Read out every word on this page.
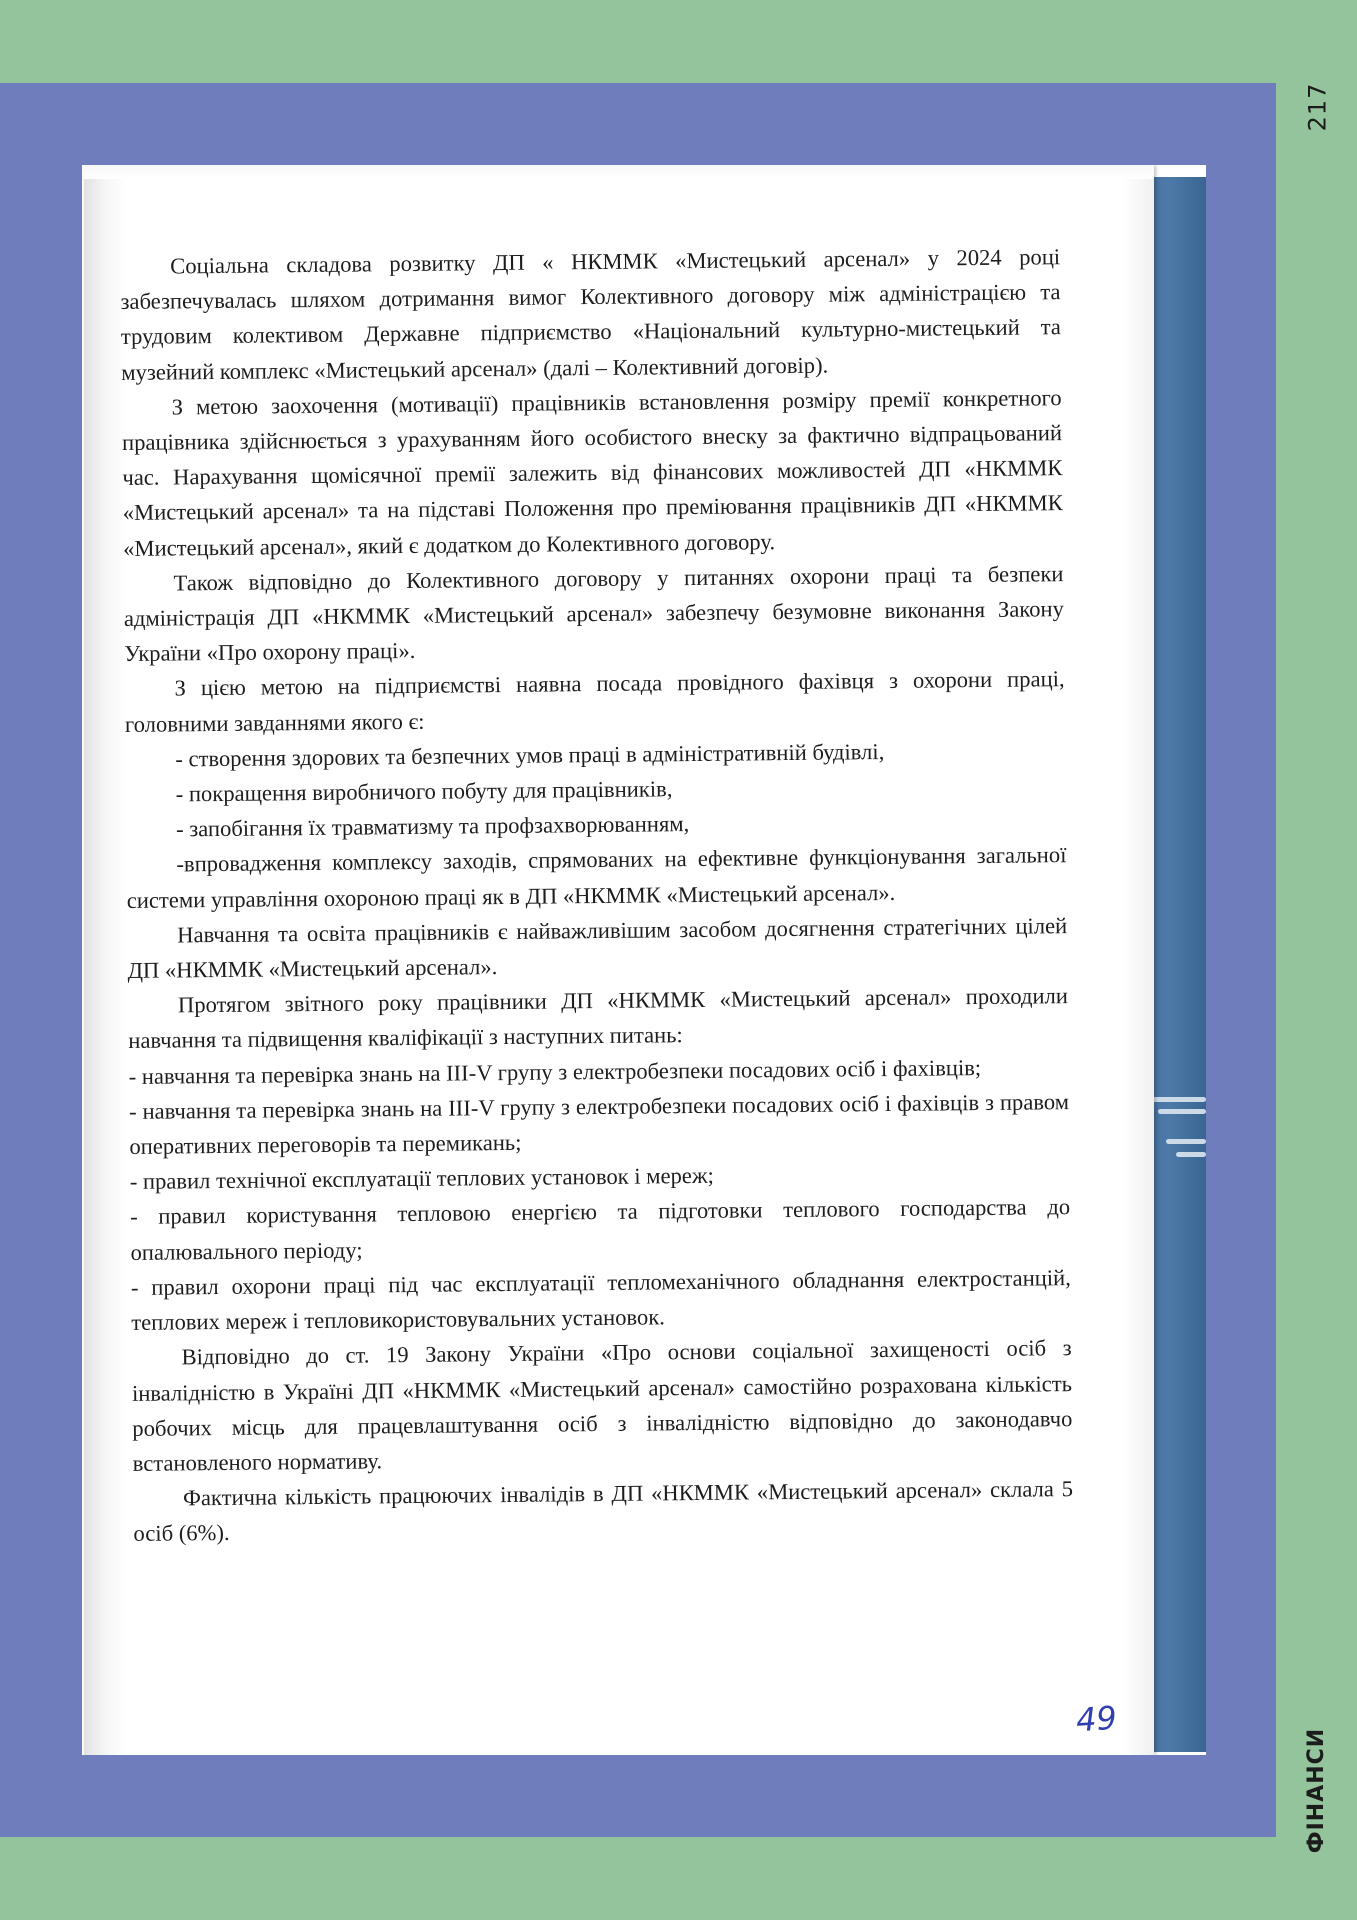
217
ФІНАНСИ

Соціальна складова розвитку ДП « НКММК «Мистецький арсенал» у 2024 році забезпечувалась шляхом дотримання вимог Колективного договору між адміністрацією та трудовим колективом Державне підприємство «Національний культурно-мистецький та музейний комплекс «Мистецький арсенал» (далі – Колективний договір).

З метою заохочення (мотивації) працівників встановлення розміру премії конкретного працівника здійснюється з урахуванням його особистого внеску за фактично відпрацьований час. Нарахування щомісячної премії залежить від фінансових можливостей ДП «НКММК «Мистецький арсенал» та на підставі Положення про преміювання працівників ДП «НКММК «Мистецький арсенал», який є додатком до Колективного договору.

Також відповідно до Колективного договору у питаннях охорони праці та безпеки адміністрація ДП «НКММК «Мистецький арсенал» забезпечу безумовне виконання Закону України «Про охорону праці».

З цією метою на підприємстві наявна посада провідного фахівця з охорони праці, головними завданнями якого є:

- створення здорових та безпечних умов праці в адміністративній будівлі,

- покращення виробничого побуту для працівників,

- запобігання їх травматизму та профзахворюванням,

-впровадження комплексу заходів, спрямованих на ефективне функціонування загальної системи управління охороною праці як в ДП «НКММК «Мистецький арсенал».

Навчання та освіта працівників є найважливішим засобом досягнення стратегічних цілей ДП «НКММК «Мистецький арсенал».

Протягом звітного року працівники ДП «НКММК «Мистецький арсенал» проходили навчання та підвищення кваліфікації з наступних питань:

- навчання та перевірка знань на III-V групу з електробезпеки посадових осіб і фахівців;

- навчання та перевірка знань на III-V групу з електробезпеки посадових осіб і фахівців з правом оперативних переговорів та перемикань;

- правил технічної експлуатації теплових установок і мереж;

- правил користування тепловою енергією та підготовки теплового господарства до опалювального періоду;

- правил охорони праці під час експлуатації тепломеханічного обладнання електростанцій, теплових мереж і тепловикористовувальних установок.

Відповідно до ст. 19 Закону України «Про основи соціальної захищеності осіб з інвалідністю в Україні ДП «НКММК «Мистецький арсенал» самостійно розрахована кількість робочих місць для працевлаштування осіб з інвалідністю відповідно до законодавчо встановленого нормативу.

Фактична кількість працюючих інвалідів в ДП «НКММК «Мистецький арсенал» склала 5 осіб (6%).

49
